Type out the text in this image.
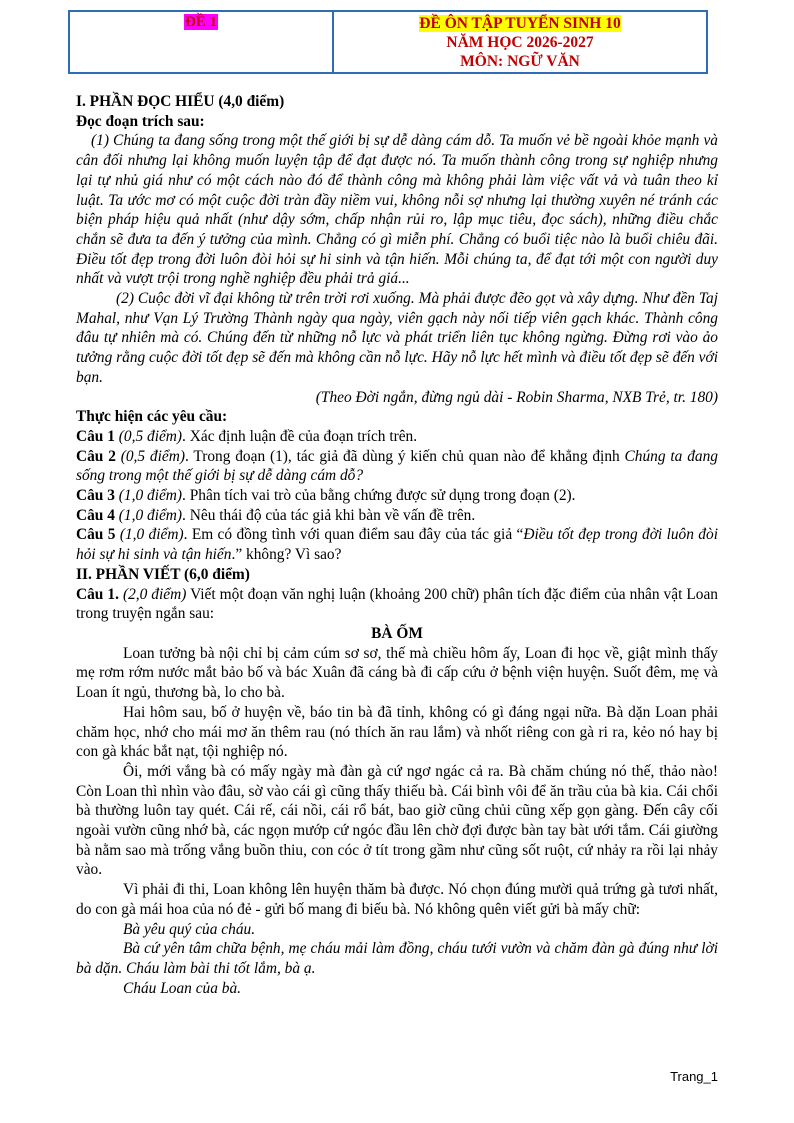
ĐỀ 1	ĐỀ ÔN TẬP TUYỂN SINH 10
NĂM HỌC 2026-2027
MÔN: NGỮ VĂN

I. PHẦN ĐỌC HIỂU (4,0 điểm)

Đọc đoạn trích sau:

(1) Chúng ta đang sống trong một thế giới bị sự dễ dàng cám dỗ. Ta muốn vẻ bề ngoài khỏe mạnh và cân đối nhưng lại không muốn luyện tập để đạt được nó. Ta muốn thành công trong sự nghiệp nhưng lại tự nhủ giá như có một cách nào đó để thành công mà không phải làm việc vất vả và tuân theo kỉ luật. Ta ước mơ có một cuộc đời tràn đầy niềm vui, không nỗi sợ nhưng lại thường xuyên né tránh các biện pháp hiệu quả nhất (như dậy sớm, chấp nhận rủi ro, lập mục tiêu, đọc sách), những điều chắc chắn sẽ đưa ta đến ý tưởng của mình. Chẳng có gì miễn phí. Chẳng có buổi tiệc nào là buổi chiêu đãi. Điều tốt đẹp trong đời luôn đòi hỏi sự hi sinh và tận hiến. Mỗi chúng ta, để đạt tới một con người duy nhất và vượt trội trong nghề nghiệp đều phải trả giá...

(2) Cuộc đời vĩ đại không từ trên trời rơi xuống. Mà phải được đẽo gọt và xây dựng. Như đền Taj Mahal, như Vạn Lý Trường Thành ngày qua ngày, viên gạch này nối tiếp viên gạch khác. Thành công đâu tự nhiên mà có. Chúng đến từ những nỗ lực và phát triển liên tục không ngừng. Đừng rơi vào ảo tưởng rằng cuộc đời tốt đẹp sẽ đến mà không cần nỗ lực. Hãy nỗ lực hết mình và điều tốt đẹp sẽ đến với bạn.

(Theo Đời ngắn, đừng ngủ dài - Robin Sharma, NXB Trẻ, tr. 180)

Thực hiện các yêu cầu:

Câu 1 (0,5 điểm). Xác định luận đề của đoạn trích trên.

Câu 2 (0,5 điểm). Trong đoạn (1), tác giả đã dùng ý kiến chủ quan nào để khẳng định Chúng ta đang sống trong một thế giới bị sự dễ dàng cám dỗ?

Câu 3 (1,0 điểm). Phân tích vai trò của bằng chứng được sử dụng trong đoạn (2).

Câu 4 (1,0 điểm). Nêu thái độ của tác giả khi bàn về vấn đề trên.

Câu 5 (1,0 điểm). Em có đồng tình với quan điểm sau đây của tác giả “Điều tốt đẹp trong đời luôn đòi hỏi sự hi sinh và tận hiến.” không? Vì sao?

II. PHẦN VIẾT (6,0 điểm)

Câu 1. (2,0 điểm) Viết một đoạn văn nghị luận (khoảng 200 chữ) phân tích đặc điểm của nhân vật Loan trong truyện ngắn sau:

BÀ ỐM

Loan tưởng bà nội chỉ bị cảm cúm sơ sơ, thế mà chiều hôm ấy, Loan đi học về, giật mình thấy mẹ rơm rớm nước mắt bảo bố và bác Xuân đã cáng bà đi cấp cứu ở bệnh viện huyện. Suốt đêm, mẹ và Loan ít ngủ, thương bà, lo cho bà.

Hai hôm sau, bố ở huyện về, báo tin bà đã tỉnh, không có gì đáng ngại nữa. Bà dặn Loan phải chăm học, nhớ cho mái mơ ăn thêm rau (nó thích ăn rau lắm) và nhốt riêng con gà ri ra, kẻo nó hay bị con gà khác bắt nạt, tội nghiệp nó.

Ôi, mới vắng bà có mấy ngày mà đàn gà cứ ngơ ngác cả ra. Bà chăm chúng nó thế, thảo nào! Còn Loan thì nhìn vào đâu, sờ vào cái gì cũng thấy thiếu bà. Cái bình vôi để ăn trầu của bà kia. Cái chổi bà thường luôn tay quét. Cái rế, cái nồi, cái rổ bát, bao giờ cũng chủi cũng xếp gọn gàng. Đến cây cối ngoài vườn cũng nhớ bà, các ngọn mướp cứ ngóc đầu lên chờ đợi được bàn tay bàt ưới tắm. Cái giường bà nằm sao mà trống vắng buồn thiu, con cóc ở tít trong gầm như cũng sốt ruột, cứ nhảy ra rồi lại nhảy vào.

Vì phải đi thi, Loan không lên huyện thăm bà được. Nó chọn đúng mười quả trứng gà tươi nhất, do con gà mái hoa của nó đẻ - gửi bố mang đi biếu bà. Nó không quên viết gửi bà mấy chữ:

Bà yêu quý của cháu.

Bà cứ yên tâm chữa bệnh, mẹ cháu mải làm đồng, cháu tưới vườn và chăm đàn gà đúng như lời bà dặn. Cháu làm bài thi tốt lắm, bà ạ.

Cháu Loan của bà.

Trang_1
